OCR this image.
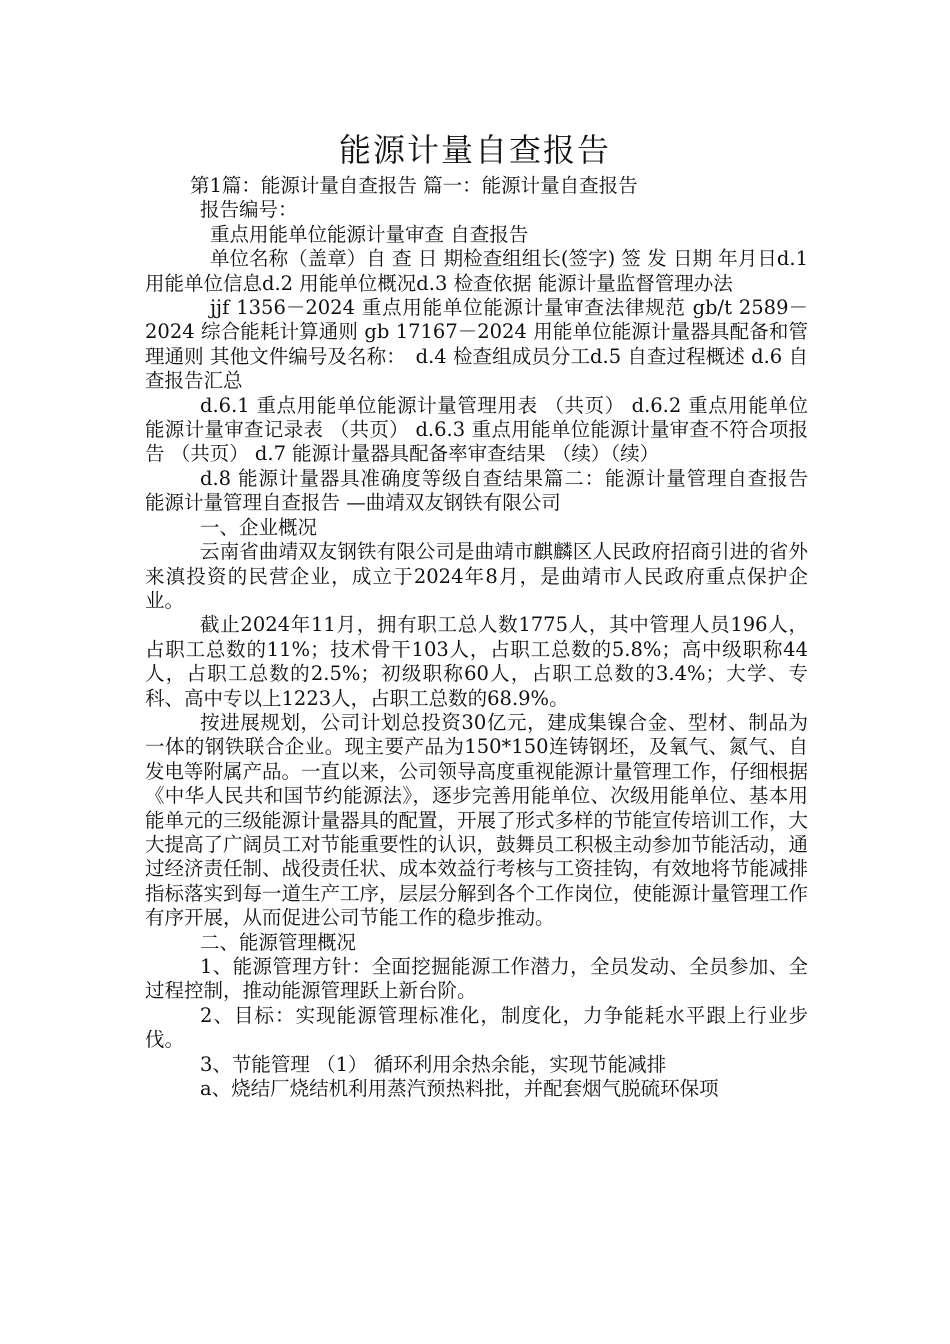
能源计量自查报告

第1篇：能源计量自查报告 篇一：能源计量自查报告

报告编号：

重点用能单位能源计量审查 自查报告

单位名称（盖章）自 查 日 期检查组组长(签字) 签 发 日期 年月日d.1 用能单位信息d.2 用能单位概况d.3 检查依据 能源计量监督管理办法

jjf 1356－2024 重点用能单位能源计量审查法律规范 gb/t 2589－2024 综合能耗计算通则 gb 17167－2024 用能单位能源计量器具配备和管理通则 其他文件编号及名称：　d.4 检查组成员分工d.5 自查过程概述 d.6 自查报告汇总

d.6.1 重点用能单位能源计量管理用表 （共页） d.6.2 重点用能单位能源计量审查记录表 （共页） d.6.3 重点用能单位能源计量审查不符合项报告 （共页） d.7 能源计量器具配备率审查结果 （续）（续）

d.8 能源计量器具准确度等级自查结果篇二：能源计量管理自查报告 能源计量管理自查报告 —曲靖双友钢铁有限公司

一、企业概况

云南省曲靖双友钢铁有限公司是曲靖市麒麟区人民政府招商引进的省外来滇投资的民营企业，成立于2024年8月，是曲靖市人民政府重点保护企业。

截止2024年11月，拥有职工总人数1775人，其中管理人员196人，占职工总数的11%；技术骨干103人，占职工总数的5.8%；高中级职称44人，占职工总数的2.5%；初级职称60人，占职工总数的3.4%；大学、专科、高中专以上1223人，占职工总数的68.9%。

按进展规划，公司计划总投资30亿元，建成集镍合金、型材、制品为一体的钢铁联合企业。现主要产品为150*150连铸钢坯，及氧气、氮气、自发电等附属产品。一直以来，公司领导高度重视能源计量管理工作，仔细根据《中华人民共和国节约能源法》，逐步完善用能单位、次级用能单位、基本用能单元的三级能源计量器具的配置，开展了形式多样的节能宣传培训工作，大大提高了广阔员工对节能重要性的认识，鼓舞员工积极主动参加节能活动，通过经济责任制、战役责任状、成本效益行考核与工资挂钩，有效地将节能减排指标落实到每一道生产工序，层层分解到各个工作岗位，使能源计量管理工作有序开展，从而促进公司节能工作的稳步推动。

二、能源管理概况

1、能源管理方针：全面挖掘能源工作潜力，全员发动、全员参加、全过程控制，推动能源管理跃上新台阶。

2、目标：实现能源管理标准化，制度化，力争能耗水平跟上行业步伐。

3、节能管理 （1） 循环利用余热余能，实现节能减排

a、烧结厂烧结机利用蒸汽预热料批，并配套烟气脱硫环保项
